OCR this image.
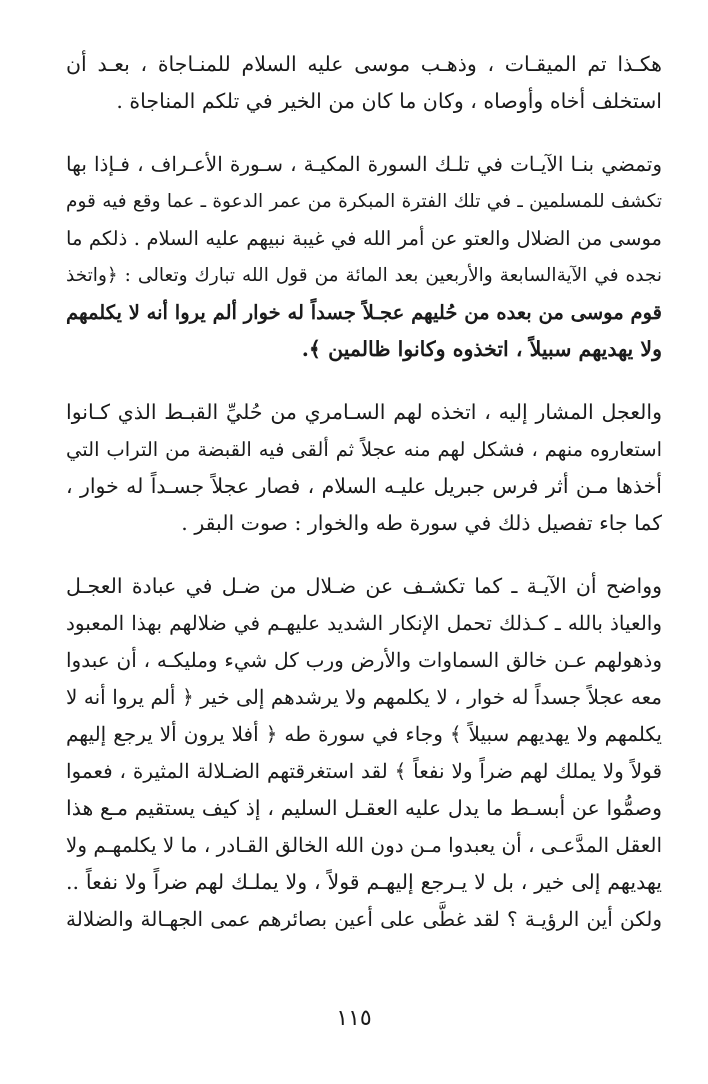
هكـذا تم الميقـات ، وذهـب موسى عليه السلام للمنـاجاة ، بعـد أن
استخلف أخاه وأوصاه ، وكان ما كان من الخير في تلكم المناجاة .
وتمضي بنـا الآيـات في تلـك السورة المكيـة ، سـورة الأعـراف ، فـإذا بها
تكشف للمسلمين ـ في تلك الفترة المبكرة من عمر الدعوة ـ عما وقع فيه قوم
موسى من الضلال والعتو عن أمر الله في غيبة نبيهم عليه السلام . ذلكم ما
نجده في الآيةالسابعة والأربعين بعد المائة من قول الله تبارك وتعالى : ﴿واتخذ
قوم موسى من بعده من حُليهم عجـلاً جسداً له خوار ألم يروا أنه لا يكلمهم
ولا يهديهم سبيلاً ، اتخذوه وكانوا ظالمين ﴾.
والعجل المشار إليه ، اتخذه لهم السـامري من حُليِّ القبـط الذي كـانوا
استعاروه منهم ، فشكل لهم منه عجلاً ثم ألقى فيه القبضة من التراب التي
أخذها مـن أثر فرس جبريل عليـه السلام ، فصار عجلاً جسـداً له خوار ،
كما جاء تفصيل ذلك في سورة طه والخوار : صوت البقر .
وواضح أن الآيـة ـ كما تكشـف عن ضـلال من ضـل في عبادة العجـل
والعياذ بالله ـ كـذلك تحمل الإنكار الشديد عليهـم في ضلالهم بهذا المعبود
وذهولهم عـن خالق السماوات والأرض ورب كل شيء ومليكـه ، أن عبدوا
معه عجلاً جسداً له خوار ، لا يكلمهم ولا يرشدهم إلى خير ﴿ ألم يروا أنه لا
يكلمهم ولا يهديهم سبيلاً ﴾ وجاء في سورة طه ﴿ أفلا يرون ألا يرجع إليهم
قولاً ولا يملك لهم ضراً ولا نفعاً ﴾ لقد استغرقتهم الضـلالة المثيرة ، فعموا
وصمُّوا عن أبسـط ما يدل عليه العقـل السليم ، إذ كيف يستقيم مـع هذا
العقل المدَّعـى ، أن يعبدوا مـن دون الله الخالق القـادر ، ما لا يكلمهـم ولا
يهديهم إلى خير ، بل لا يـرجع إليهـم قولاً ، ولا يملـك لهم ضراً ولا نفعاً ..
ولكن أين الرؤيـة ؟ لقد غطَّى على أعين بصائرهم عمى الجهـالة والضلالة
١١٥
